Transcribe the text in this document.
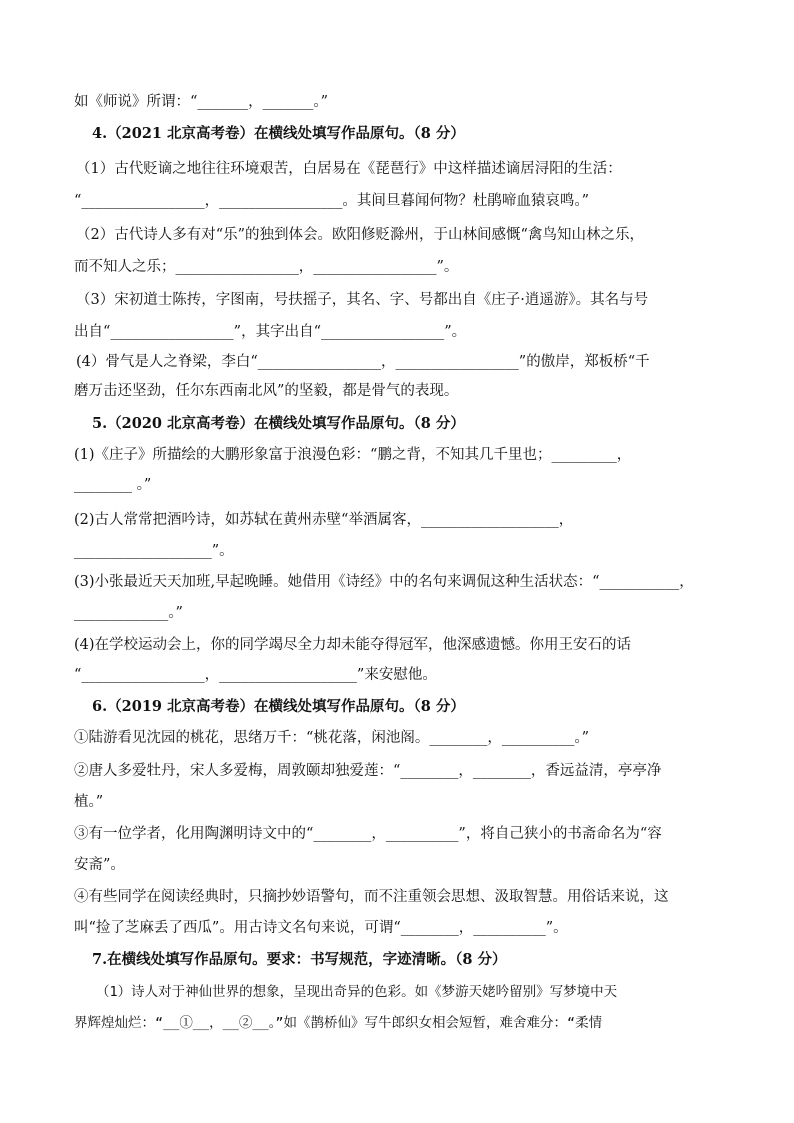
如《师说》所谓：“_______，_______。”
4.（2021 北京高考卷）在横线处填写作品原句。（8 分）
（1）古代贬谪之地往往环境艰苦，白居易在《琵琶行》中这样描述谪居浔阳的生活：
“_________________，_________________。其间旦暮闻何物？杜鹃啼血猿哀鸣。”
（2）古代诗人多有对“乐”的独到体会。欧阳修贬滁州，于山林间感慨“禽鸟知山林之乐，
而不知人之乐；_________________，_________________”。
（3）宋初道士陈抟，字图南，号扶摇子，其名、字、号都出自《庄子·逍遥游》。其名与号
出自“_________________”，其字出自“_________________”。
(4）骨气是人之脊梁，李白“_________________，_________________”的傲岸，郑板桥“千
磨万击还坚劲，任尔东西南北风”的坚毅，都是骨气的表现。
5.（2020 北京高考卷）在横线处填写作品原句。（8 分）
(1)《庄子》所描绘的大鹏形象富于浪漫色彩：“鹏之背，不知其几千里也；_________，
________ 。”
(2)古人常常把酒吟诗，如苏轼在黄州赤壁“举酒属客，___________________，
___________________”。
(3)小张最近天天加班,早起晚睡。她借用《诗经》中的名句来调侃这种生活状态：“___________，
_____________。”
(4)在学校运动会上，你的同学竭尽全力却未能夺得冠军，他深感遗憾。你用王安石的话
“_________________，___________________”来安慰他。
6.（2019 北京高考卷）在横线处填写作品原句。（8 分）
①陆游看见沈园的桃花，思绪万千：“桃花落，闲池阁。________，__________。”
②唐人多爱牡丹，宋人多爱梅，周敦颐却独爱莲：“________，________，香远益清，亭亭净
植。”
③有一位学者，化用陶渊明诗文中的“________，__________”，将自己狭小的书斋命名为“容
安斋”。
④有些同学在阅读经典时，只摘抄妙语警句，而不注重领会思想、汲取智慧。用俗话来说，这
叫“捡了芝麻丢了西瓜”。用古诗文名句来说，可谓“________，__________”。
7.在横线处填写作品原句。要求：书写规范，字迹清晰。（8 分）
（1）诗人对于神仙世界的想象，呈现出奇异的色彩。如《梦游天姥吟留别》写梦境中天
界辉煌灿烂：“__①__，__②__。”如《鹊桥仙》写牛郎织女相会短暂，难舍难分：“柔情
